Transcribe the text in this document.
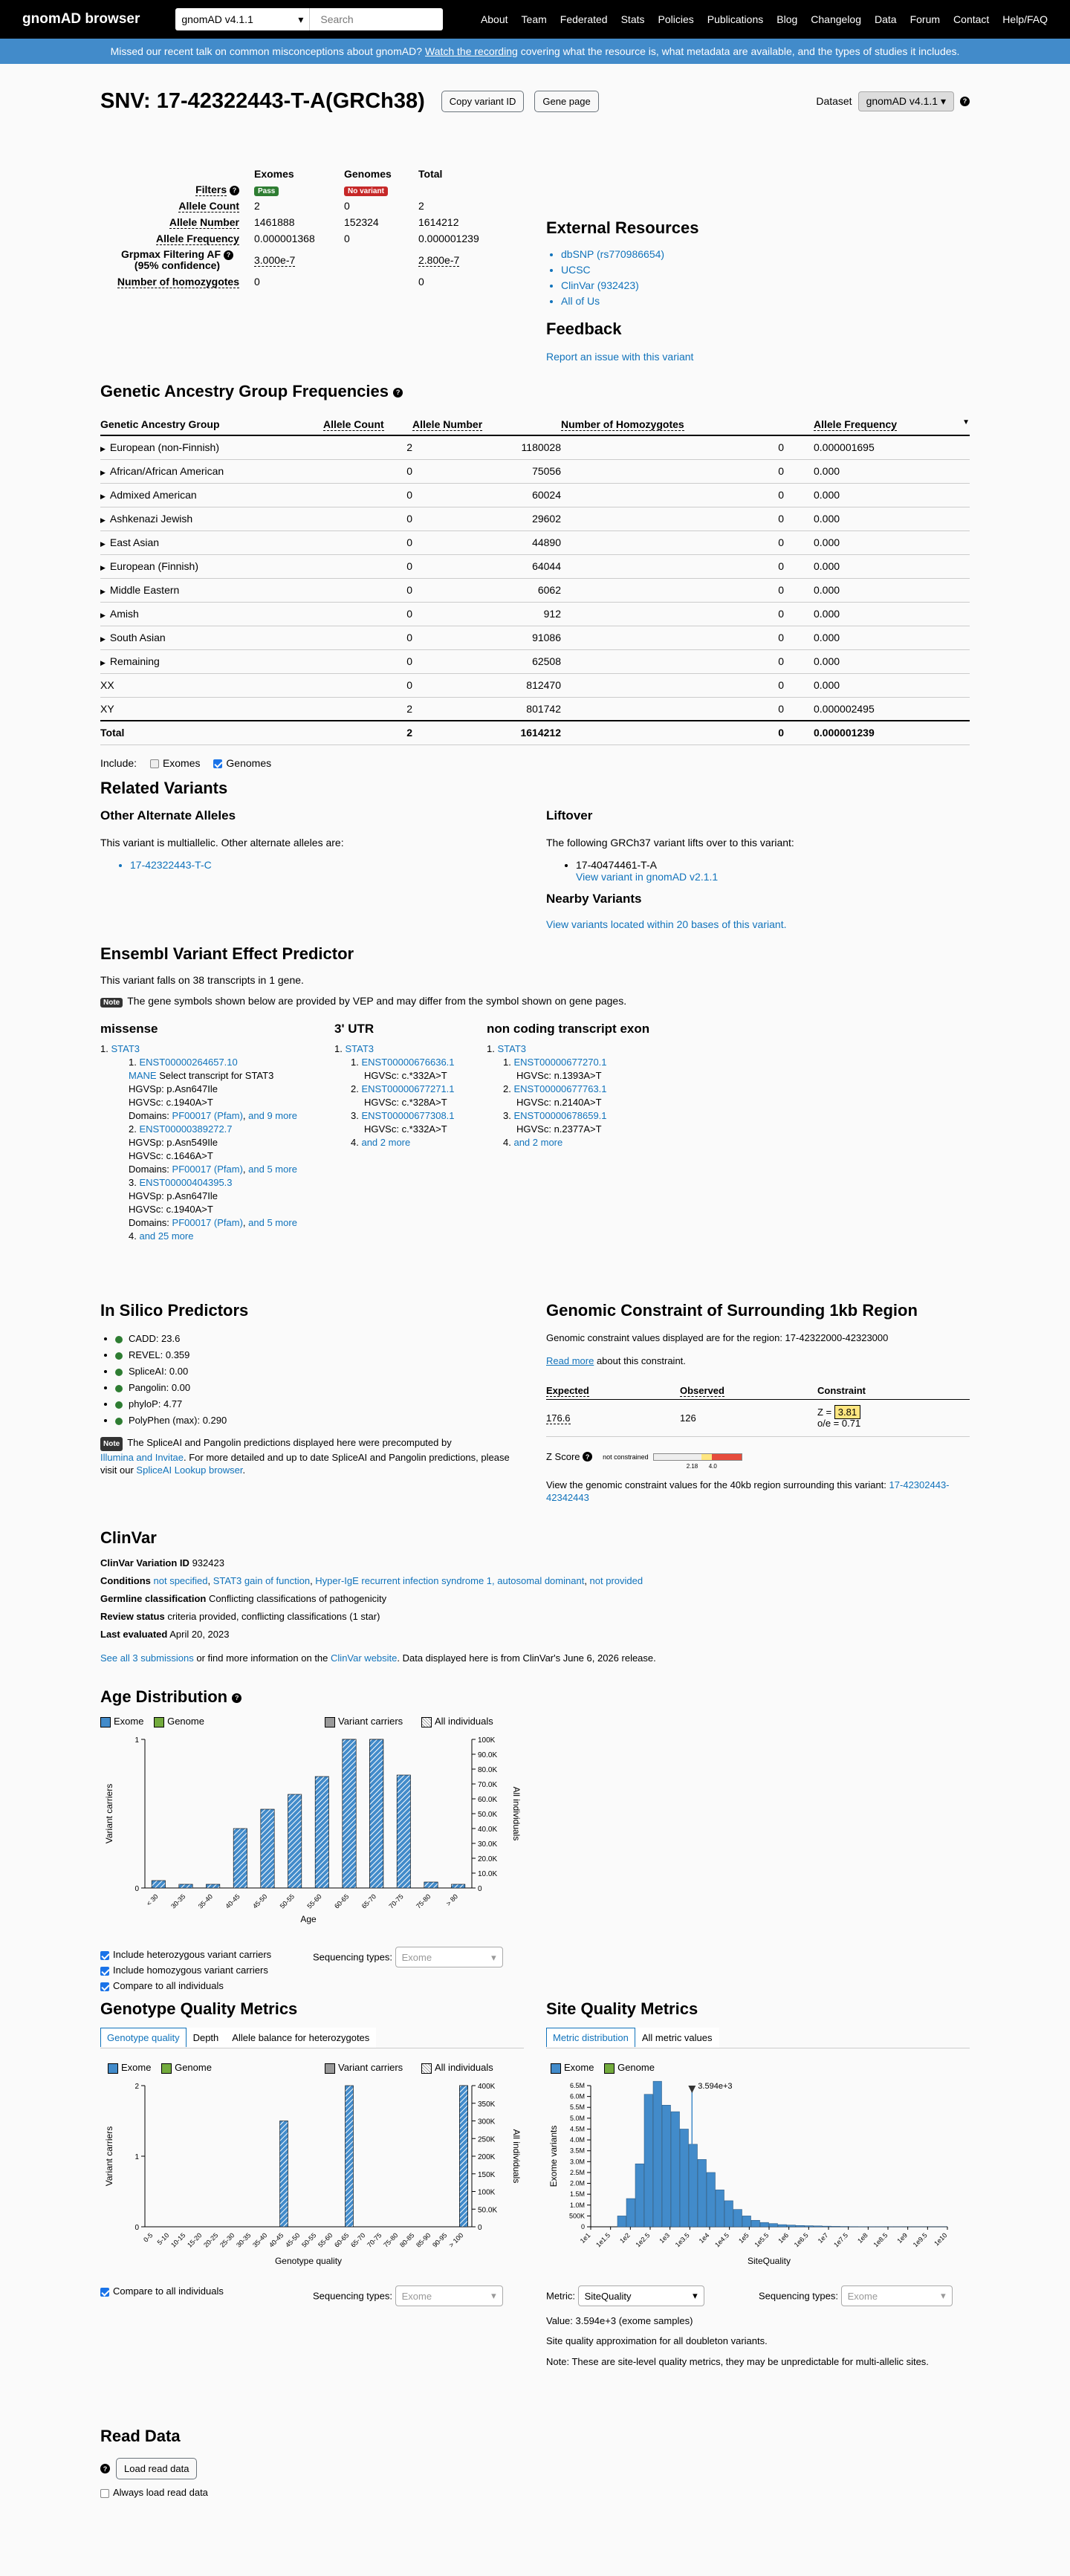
gnomAD browser	gnomAD v4.1.1	▾	Search	About Team Federated Stats Policies Publications Blog Changelog Data Forum Contact Help/FAQ
Missed our recent talk on common misconceptions about gnomAD? Watch the recording covering what the resource is, what metadata are available, and the types of studies it includes.
SNV: 17-42322443-T-A(GRCh38)	Copy variant ID	Gene page	Dataset	gnomAD v4.1.1 ▾	?
	Exomes	Genomes	Total
Filters ?	Pass	No variant	
Allele Count	2	0	2
Allele Number	1461888	152324	1614212
Allele Frequency	0.000001368	0	0.000001239
Grpmax Filtering AF ?
(95% confidence)	3.000e-7		2.800e-7
Number of homozygotes	0		0
External Resources
• dbSNP (rs770986654)
• UCSC
• ClinVar (932423)
• All of Us
Feedback
Report an issue with this variant
Genetic Ancestry Group Frequencies ?
Genetic Ancestry Group	Allele Count	Allele Number	Number of Homozygotes	Allele Frequency ▼

▶ European (non-Finnish)	2	1180028	0	0.000001695
▶ African/African American	0	75056	0	0.000
▶ Admixed American	0	60024	0	0.000
▶ Ashkenazi Jewish	0	29602	0	0.000
▶ East Asian	0	44890	0	0.000
▶ European (Finnish)	0	64044	0	0.000
▶ Middle Eastern	0	6062	0	0.000
▶ Amish	0	912	0	0.000
▶ South Asian	0	91086	0	0.000
▶ Remaining	0	62508	0	0.000
XX	0	812470	0	0.000
XY	2	801742	0	0.000002495
Total	2	1614212	0	0.000001239
Include: Exomes Genomes
Related Variants
Other Alternate Alleles
This variant is multiallelic. Other alternate alleles are:
• 17-42322443-T-C
Liftover
The following GRCh37 variant lifts over to this variant:
• 17-40474461-T-A
View variant in gnomAD v2.1.1
Nearby Variants
View variants located within 20 bases of this variant.
Ensembl Variant Effect Predictor
This variant falls on 38 transcripts in 1 gene.
Note The gene symbols shown below are provided by VEP and may differ from the symbol shown on gene pages.
missense
1. STAT3
1. ENST00000264657.10
MANE Select transcript for STAT3
HGVSp: p.Asn647Ile
HGVSc: c.1940A>T
Domains: PF00017 (Pfam), and 9 more
2. ENST00000389272.7
HGVSp: p.Asn549Ile
HGVSc: c.1646A>T
Domains: PF00017 (Pfam), and 5 more
3. ENST00000404395.3
HGVSp: p.Asn647Ile
HGVSc: c.1940A>T
Domains: PF00017 (Pfam), and 5 more
4. and 25 more
3' UTR
1. STAT3
1. ENST00000676636.1
HGVSc: c.*332A>T
2. ENST00000677271.1
HGVSc: c.*328A>T
3. ENST00000677308.1
HGVSc: c.*332A>T
4. and 2 more
non coding transcript exon
1. STAT3
1. ENST00000677270.1
HGVSc: n.1393A>T
2. ENST00000677763.1
HGVSc: n.2140A>T
3. ENST00000678659.1
HGVSc: n.2377A>T
4. and 2 more
In Silico Predictors
• CADD: 23.6
• REVEL: 0.359
• SpliceAI: 0.00
• Pangolin: 0.00
• phyloP: 4.77
• PolyPhen (max): 0.290
Note The SpliceAI and Pangolin predictions displayed here were precomputed by
Illumina and Invitae. For more detailed and up to date SpliceAI and Pangolin predictions, please visit our SpliceAI Lookup browser.
Genomic Constraint of Surrounding 1kb Region
Genomic constraint values displayed are for the region: 17-42322000-42323000
Read more about this constraint.
Expected	Observed	Constraint
176.6	126	Z = 3.81
o/e = 0.71
Z Score
?	not constrained
2.18 4.0
View the genomic constraint values for the 40kb region surrounding this variant: 17-42302443-42342443
ClinVar
ClinVar Variation ID 932423
Conditions not specified, STAT3 gain of function, Hyper-IgE recurrent infection syndrome 1, autosomal dominant, not provided
Germline classification Conflicting classifications of pathogenicity
Review status criteria provided, conflicting classifications (1 star)
Last evaluated April 20, 2023
See all 3 submissions or find more information on the ClinVar website. Data displayed here is from ClinVar's June 6, 2026 release.
Age Distribution ?
Exome Genome	Variant carriers	All individuals
0
1
0
10.0K
20.0K
30.0K
40.0K
50.0K
60.0K
70.0K
80.0K
90.0K
100K
< 30 30-35 35-40 40-45 45-50 50-55 55-60 60-65 65-70 70-75 75-80 > 80
Variant carriers	All individuals
Age
Include heterozygous variant carriers
Include homozygous variant carriers
Compare to all individuals
Sequencing types: Exome	▾
Genotype Quality Metrics
Genotype quality Depth Allele balance for heterozygotes
Exome Genome	Variant carriers	All individuals
0
1
2
0
50.0K
100K
150K
200K
250K
300K
350K
400K
0-5 5-10
10-15
15-20
20-25
25-30
30-35
35-40
40-45
45-50
50-55
55-60
60-65
65-70
70-75
75-80
80-85
85-90
90-95
> 100
Variant carriers	All individuals
Genotype quality
Compare to all individuals	Sequencing types: Exome	▾
Site Quality Metrics
Metric distribution All metric values
Exome Genome
0
500K
1.0M
1.5M
2.0M
2.5M
3.0M
3.5M
4.0M
4.5M
5.0M
5.5M
6.0M
6.5M
1e1 1e1.5 1e2 1e2.5 1e3 1e3.5 1e4 1e4.5 1e5 1e5.5 1e6 1e6.5 1e7 1e7.5 1e8 1e8.5 1e9 1e9.5 1e10
3.594e+3
Exome variants
SiteQuality
Metric: SiteQuality	▾	Sequencing types: Exome	▾
Value: 3.594e+3 (exome samples)
Site quality approximation for all doubleton variants.
Note: These are site-level quality metrics, they may be unpredictable for multi-allelic sites.
Read Data
?	Load read data
Always load read data
